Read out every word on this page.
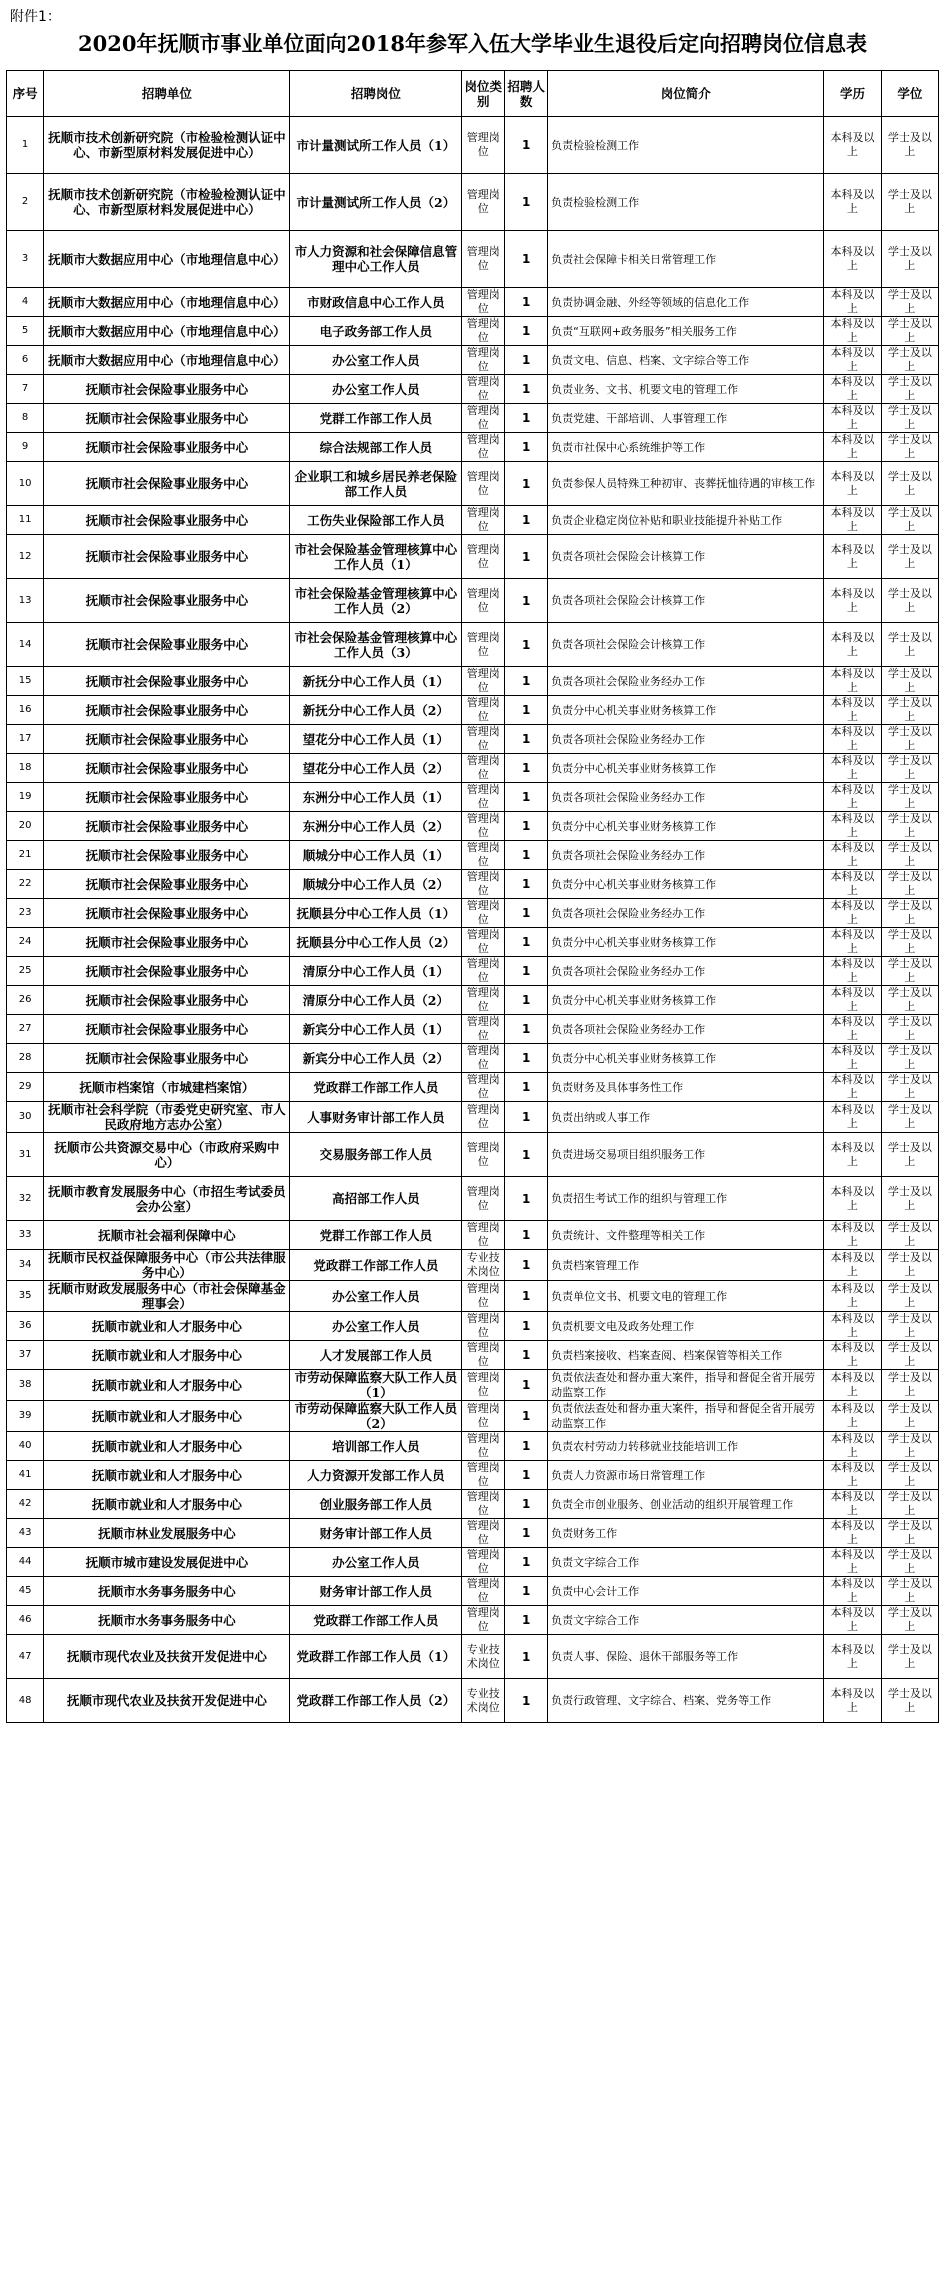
附件1：
2020年抚顺市事业单位面向2018年参军入伍大学毕业生退役后定向招聘岗位信息表
序号	招聘单位	招聘岗位	岗位类别	招聘人数	岗位简介	学历	学位
1	抚顺市技术创新研究院（市检验检测认证中心、市新型原材料发展促进中心）	市计量测试所工作人员（1）	管理岗位	1	负责检验检测工作	本科及以上	学士及以上
2	抚顺市技术创新研究院（市检验检测认证中心、市新型原材料发展促进中心）	市计量测试所工作人员（2）	管理岗位	1	负责检验检测工作	本科及以上	学士及以上
3	抚顺市大数据应用中心（市地理信息中心）	市人力资源和社会保障信息管理中心工作人员	管理岗位	1	负责社会保障卡相关日常管理工作	本科及以上	学士及以上
4	抚顺市大数据应用中心（市地理信息中心）	市财政信息中心工作人员	管理岗位	1	负责协调金融、外经等领域的信息化工作	本科及以上	学士及以上
5	抚顺市大数据应用中心（市地理信息中心）	电子政务部工作人员	管理岗位	1	负责“互联网+政务服务”相关服务工作	本科及以上	学士及以上
6	抚顺市大数据应用中心（市地理信息中心）	办公室工作人员	管理岗位	1	负责文电、信息、档案、文字综合等工作	本科及以上	学士及以上
7	抚顺市社会保险事业服务中心	办公室工作人员	管理岗位	1	负责业务、文书、机要文电的管理工作	本科及以上	学士及以上
8	抚顺市社会保险事业服务中心	党群工作部工作人员	管理岗位	1	负责党建、干部培训、人事管理工作	本科及以上	学士及以上
9	抚顺市社会保险事业服务中心	综合法规部工作人员	管理岗位	1	负责市社保中心系统维护等工作	本科及以上	学士及以上
10	抚顺市社会保险事业服务中心	企业职工和城乡居民养老保险部工作人员	管理岗位	1	负责参保人员特殊工种初审、丧葬抚恤待遇的审核工作	本科及以上	学士及以上
11	抚顺市社会保险事业服务中心	工伤失业保险部工作人员	管理岗位	1	负责企业稳定岗位补贴和职业技能提升补贴工作	本科及以上	学士及以上
12	抚顺市社会保险事业服务中心	市社会保险基金管理核算中心工作人员（1）	管理岗位	1	负责各项社会保险会计核算工作	本科及以上	学士及以上
13	抚顺市社会保险事业服务中心	市社会保险基金管理核算中心工作人员（2）	管理岗位	1	负责各项社会保险会计核算工作	本科及以上	学士及以上
14	抚顺市社会保险事业服务中心	市社会保险基金管理核算中心工作人员（3）	管理岗位	1	负责各项社会保险会计核算工作	本科及以上	学士及以上
15	抚顺市社会保险事业服务中心	新抚分中心工作人员（1）	管理岗位	1	负责各项社会保险业务经办工作	本科及以上	学士及以上
16	抚顺市社会保险事业服务中心	新抚分中心工作人员（2）	管理岗位	1	负责分中心机关事业财务核算工作	本科及以上	学士及以上
17	抚顺市社会保险事业服务中心	望花分中心工作人员（1）	管理岗位	1	负责各项社会保险业务经办工作	本科及以上	学士及以上
18	抚顺市社会保险事业服务中心	望花分中心工作人员（2）	管理岗位	1	负责分中心机关事业财务核算工作	本科及以上	学士及以上
19	抚顺市社会保险事业服务中心	东洲分中心工作人员（1）	管理岗位	1	负责各项社会保险业务经办工作	本科及以上	学士及以上
20	抚顺市社会保险事业服务中心	东洲分中心工作人员（2）	管理岗位	1	负责分中心机关事业财务核算工作	本科及以上	学士及以上
21	抚顺市社会保险事业服务中心	顺城分中心工作人员（1）	管理岗位	1	负责各项社会保险业务经办工作	本科及以上	学士及以上
22	抚顺市社会保险事业服务中心	顺城分中心工作人员（2）	管理岗位	1	负责分中心机关事业财务核算工作	本科及以上	学士及以上
23	抚顺市社会保险事业服务中心	抚顺县分中心工作人员（1）	管理岗位	1	负责各项社会保险业务经办工作	本科及以上	学士及以上
24	抚顺市社会保险事业服务中心	抚顺县分中心工作人员（2）	管理岗位	1	负责分中心机关事业财务核算工作	本科及以上	学士及以上
25	抚顺市社会保险事业服务中心	清原分中心工作人员（1）	管理岗位	1	负责各项社会保险业务经办工作	本科及以上	学士及以上
26	抚顺市社会保险事业服务中心	清原分中心工作人员（2）	管理岗位	1	负责分中心机关事业财务核算工作	本科及以上	学士及以上
27	抚顺市社会保险事业服务中心	新宾分中心工作人员（1）	管理岗位	1	负责各项社会保险业务经办工作	本科及以上	学士及以上
28	抚顺市社会保险事业服务中心	新宾分中心工作人员（2）	管理岗位	1	负责分中心机关事业财务核算工作	本科及以上	学士及以上
29	抚顺市档案馆（市城建档案馆）	党政群工作部工作人员	管理岗位	1	负责财务及具体事务性工作	本科及以上	学士及以上
30	抚顺市社会科学院（市委党史研究室、市人民政府地方志办公室）	人事财务审计部工作人员	管理岗位	1	负责出纳或人事工作	本科及以上	学士及以上
31	抚顺市公共资源交易中心（市政府采购中心）	交易服务部工作人员	管理岗位	1	负责进场交易项目组织服务工作	本科及以上	学士及以上
32	抚顺市教育发展服务中心（市招生考试委员会办公室）	高招部工作人员	管理岗位	1	负责招生考试工作的组织与管理工作	本科及以上	学士及以上
33	抚顺市社会福利保障中心	党群工作部工作人员	管理岗位	1	负责统计、文件整理等相关工作	本科及以上	学士及以上
34	抚顺市民权益保障服务中心（市公共法律服务中心）	党政群工作部工作人员	专业技术岗位	1	负责档案管理工作	本科及以上	学士及以上
35	抚顺市财政发展服务中心（市社会保障基金理事会）	办公室工作人员	管理岗位	1	负责单位文书、机要文电的管理工作	本科及以上	学士及以上
36	抚顺市就业和人才服务中心	办公室工作人员	管理岗位	1	负责机要文电及政务处理工作	本科及以上	学士及以上
37	抚顺市就业和人才服务中心	人才发展部工作人员	管理岗位	1	负责档案接收、档案查阅、档案保管等相关工作	本科及以上	学士及以上
38	抚顺市就业和人才服务中心	市劳动保障监察大队工作人员（1）	管理岗位	1	负责依法查处和督办重大案件，指导和督促全省开展劳动监察工作	本科及以上	学士及以上
39	抚顺市就业和人才服务中心	市劳动保障监察大队工作人员（2）	管理岗位	1	负责依法查处和督办重大案件，指导和督促全省开展劳动监察工作	本科及以上	学士及以上
40	抚顺市就业和人才服务中心	培训部工作人员	管理岗位	1	负责农村劳动力转移就业技能培训工作	本科及以上	学士及以上
41	抚顺市就业和人才服务中心	人力资源开发部工作人员	管理岗位	1	负责人力资源市场日常管理工作	本科及以上	学士及以上
42	抚顺市就业和人才服务中心	创业服务部工作人员	管理岗位	1	负责全市创业服务、创业活动的组织开展管理工作	本科及以上	学士及以上
43	抚顺市林业发展服务中心	财务审计部工作人员	管理岗位	1	负责财务工作	本科及以上	学士及以上
44	抚顺市城市建设发展促进中心	办公室工作人员	管理岗位	1	负责文字综合工作	本科及以上	学士及以上
45	抚顺市水务事务服务中心	财务审计部工作人员	管理岗位	1	负责中心会计工作	本科及以上	学士及以上
46	抚顺市水务事务服务中心	党政群工作部工作人员	管理岗位	1	负责文字综合工作	本科及以上	学士及以上
47	抚顺市现代农业及扶贫开发促进中心	党政群工作部工作人员（1）	专业技术岗位	1	负责人事、保险、退休干部服务等工作	本科及以上	学士及以上
48	抚顺市现代农业及扶贫开发促进中心	党政群工作部工作人员（2）	专业技术岗位	1	负责行政管理、文字综合、档案、党务等工作	本科及以上	学士及以上
